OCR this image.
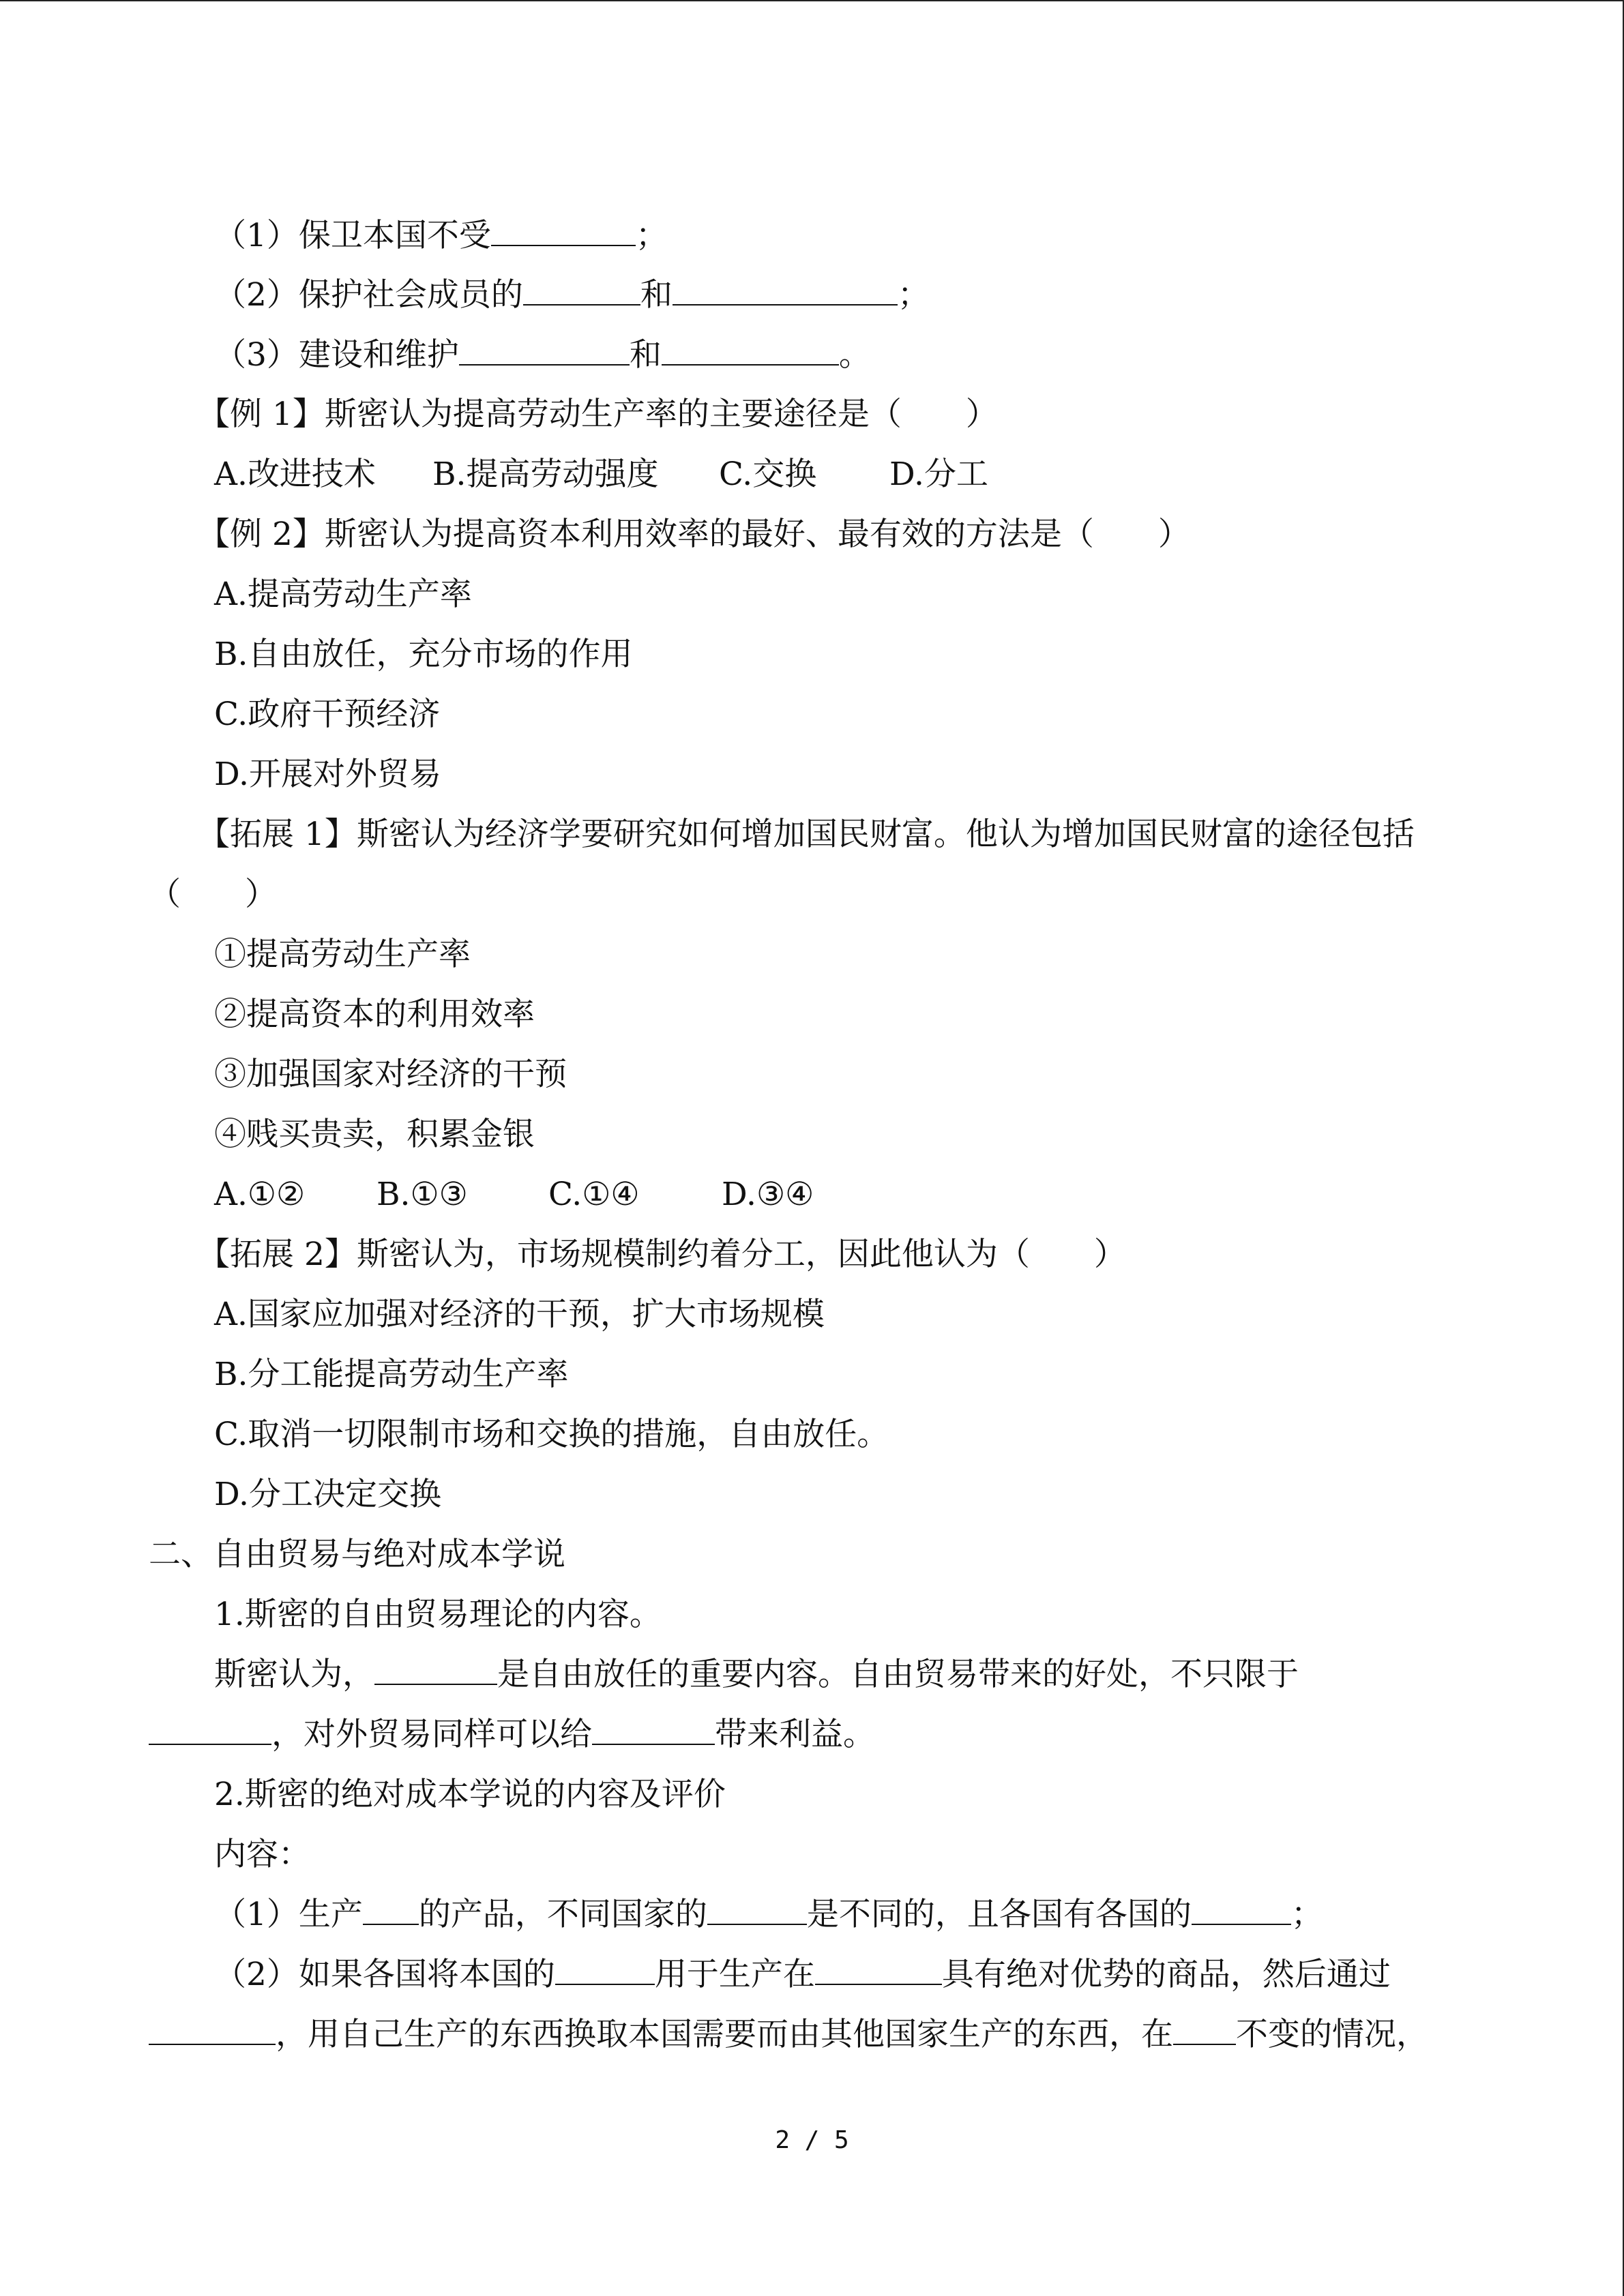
（1）保卫本国不受	；
（2）保护社会成员的	和	；
（3）建设和维护	和	。
【例 1】斯密认为提高劳动生产率的主要途径是（　　）
A.改进技术 B.提高劳动强度 C.交换 D.分工
【例 2】斯密认为提高资本利用效率的最好、最有效的方法是（　　）
A.提高劳动生产率
B.自由放任，充分市场的作用
C.政府干预经济
D.开展对外贸易
【拓展 1】斯密认为经济学要研究如何增加国民财富。他认为增加国民财富的途径包括
（　　）
①提高劳动生产率
②提高资本的利用效率
③加强国家对经济的干预
④贱买贵卖，积累金银
A.①② B.①③	C.①④	D.③④
【拓展 2】斯密认为，市场规模制约着分工，因此他认为（　　）
A.国家应加强对经济的干预，扩大市场规模
B.分工能提高劳动生产率
C.取消一切限制市场和交换的措施，自由放任。
D.分工决定交换
二、自由贸易与绝对成本学说
1.斯密的自由贸易理论的内容。
斯密认为，	是自由放任的重要内容。自由贸易带来的好处，不只限于
，对外贸易同样可以给	带来利益。
2.斯密的绝对成本学说的内容及评价
内容：
（1）生产 的产品，不同国家的	是不同的，且各国有各国的	；
（2）如果各国将本国的	用于生产在	具有绝对优势的商品，然后通过
，用自己生产的东西换取本国需要而由其他国家生产的东西，在 不变的情况，
2 / 5
